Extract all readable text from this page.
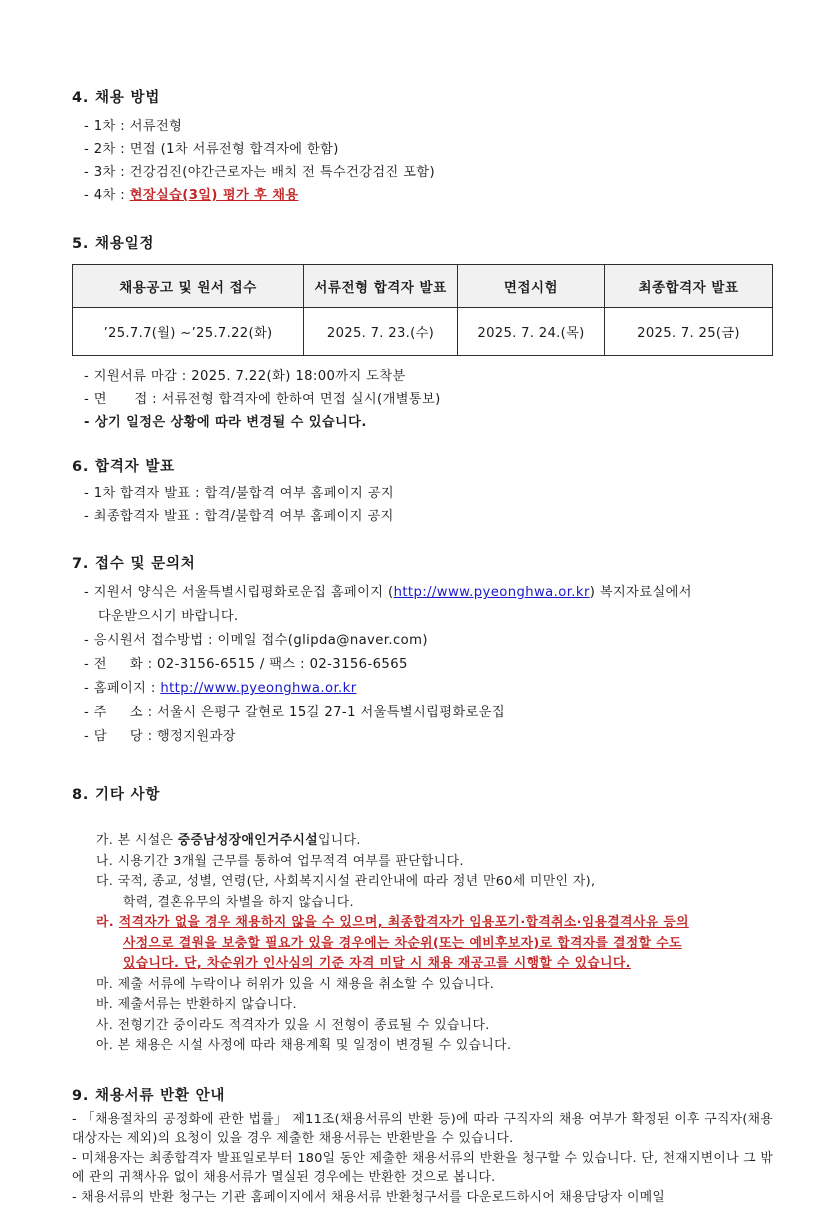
4. 채용 방법
- 1차 : 서류전형
- 2차 : 면접 (1차 서류전형 합격자에 한함)
- 3차 : 건강검진(야간근로자는 배치 전 특수건강검진 포함)
- 4차 : 현장실습(3일) 평가 후 채용
5. 채용일정
채용공고 및 원서 접수	서류전형 합격자 발표	면접시험	최종합격자 발표
’25.7.7(월) ~’25.7.22(화)	2025. 7. 23.(수)	2025. 7. 24.(목)	2025. 7. 25(금)
- 지원서류 마감 : 2025. 7.22(화) 18:00까지 도착분
- 면      접 : 서류전형 합격자에 한하여 면접 실시(개별통보)
- 상기 일정은 상황에 따라 변경될 수 있습니다.
6. 합격자 발표
- 1차 합격자 발표 : 합격/불합격 여부 홈페이지 공지
- 최종합격자 발표 : 합격/불합격 여부 홈페이지 공지
7. 접수 및 문의처
- 지원서 양식은 서울특별시립평화로운집 홈페이지 (http://www.pyeonghwa.or.kr) 복지자료실에서
다운받으시기 바랍니다.
- 응시원서 접수방법 : 이메일 접수(glipda@naver.com)
- 전     화 : 02-3156-6515 / 팩스 : 02-3156-6565
- 홈페이지 : http://www.pyeonghwa.or.kr
- 주     소 : 서울시 은평구 갈현로 15길 27-1 서울특별시립평화로운집
- 담     당 : 행정지원과장
8. 기타 사항
가. 본 시설은 중증남성장애인거주시설입니다.
나. 시용기간 3개월 근무를 통하여 업무적격 여부를 판단합니다.
다. 국적, 종교, 성별, 연령(단, 사회복지시설 관리안내에 따라 정년 만60세 미만인 자),
학력, 결혼유무의 차별을 하지 않습니다.
라. 적격자가 없을 경우 채용하지 않을 수 있으며, 최종합격자가 임용포기·합격취소·임용결격사유 등의
사정으로 결원을 보충할 필요가 있을 경우에는 차순위(또는 예비후보자)로 합격자를 결정할 수도
있습니다. 단, 차순위가 인사심의 기준 자격 미달 시 채용 재공고를 시행할 수 있습니다.
마. 제출 서류에 누락이나 허위가 있을 시 채용을 취소할 수 있습니다.
바. 제출서류는 반환하지 않습니다.
사. 전형기간 중이라도 적격자가 있을 시 전형이 종료될 수 있습니다.
아. 본 채용은 시설 사정에 따라 채용계획 및 일정이 변경될 수 있습니다.
9. 채용서류 반환 안내
- 「채용절차의 공정화에 관한 법률」 제11조(채용서류의 반환 등)에 따라 구직자의 채용 여부가 확정된 이후 구직자(채용대상자는 제외)의 요청이 있을 경우 제출한 채용서류는 반환받을 수 있습니다.
- 미채용자는 최종합격자 발표일로부터 180일 동안 제출한 채용서류의 반환을 청구할 수 있습니다. 단, 천재지변이나 그 밖에 관의 귀책사유 없이 채용서류가 멸실된 경우에는 반환한 것으로 봅니다.
- 채용서류의 반환 청구는 기관 홈페이지에서 채용서류 반환청구서를 다운로드하시어 채용담당자 이메일
